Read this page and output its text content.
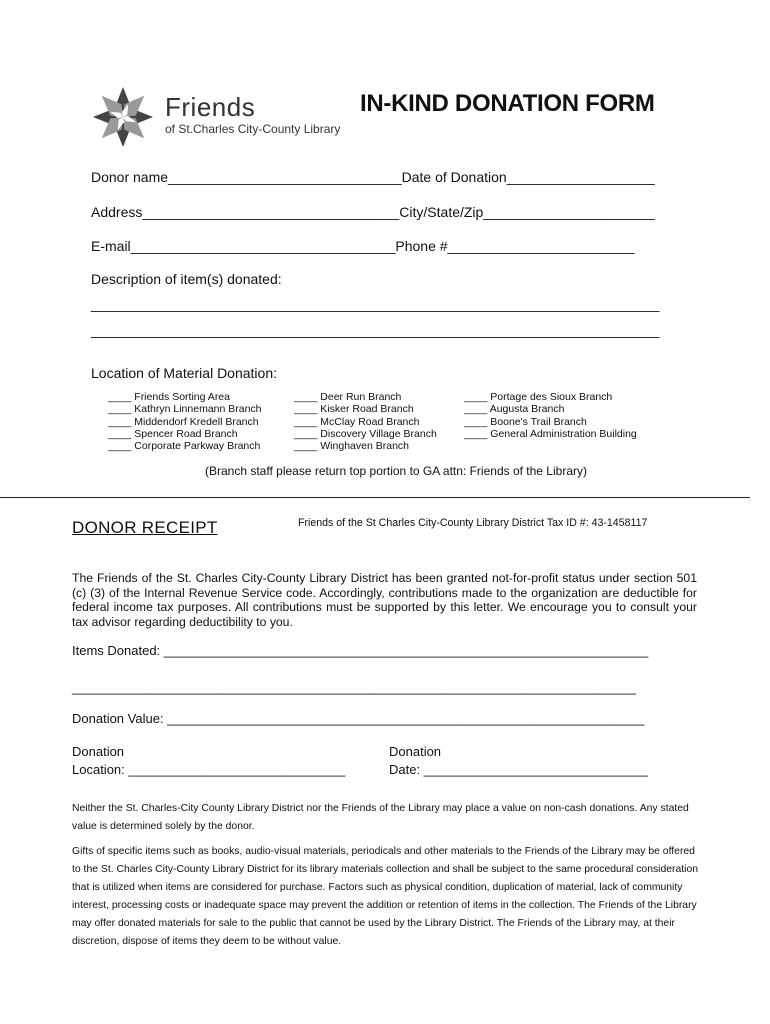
Friends
of St.Charles City-County Library
IN-KIND DONATION FORM
Donor name______________________________Date of Donation___________________
Address_________________________________City/State/Zip______________________
E-mail__________________________________Phone #________________________
Description of item(s) donated:
_________________________________________________________________________
_________________________________________________________________________
Location of Material Donation:
____ Friends Sorting Area
____ Kathryn Linnemann Branch
____ Middendorf Kredell Branch
____ Spencer Road Branch
____ Corporate Parkway Branch
____ Deer Run Branch
____ Kisker Road Branch
____ McClay Road Branch
____ Discovery Village Branch
____ Winghaven Branch
____ Portage des Sioux Branch
____ Augusta Branch
____ Boone's Trail Branch
____ General Administration Building
(Branch staff please return top portion to GA attn: Friends of the Library)
DONOR RECEIPT	Friends of the St Charles City-County Library District Tax ID #: 43-1458117
The Friends of the St. Charles City-County Library District has been granted not-for-profit status under section 501 (c) (3) of the Internal Revenue Service code. Accordingly, contributions made to the organization are deductible for federal income tax purposes. All contributions must be supported by this letter. We encourage you to consult your tax advisor regarding deductibility to you.
Items Donated: ___________________________________________________________________
______________________________________________________________________________
Donation Value: __________________________________________________________________
Donation
Location: ______________________________
Donation
Date: _______________________________
Neither the St. Charles-City County Library District nor the Friends of the Library may place a value on non-cash donations. Any stated value is determined solely by the donor.
Gifts of specific items such as books, audio-visual materials, periodicals and other materials to the Friends of the Library may be offered to the St. Charles City-County Library District for its library materials collection and shall be subject to the same procedural consideration that is utilized when items are considered for purchase. Factors such as physical condition, duplication of material, lack of community interest, processing costs or inadequate space may prevent the addition or retention of items in the collection. The Friends of the Library may offer donated materials for sale to the public that cannot be used by the Library District. The Friends of the Library may, at their discretion, dispose of items they deem to be without value.
